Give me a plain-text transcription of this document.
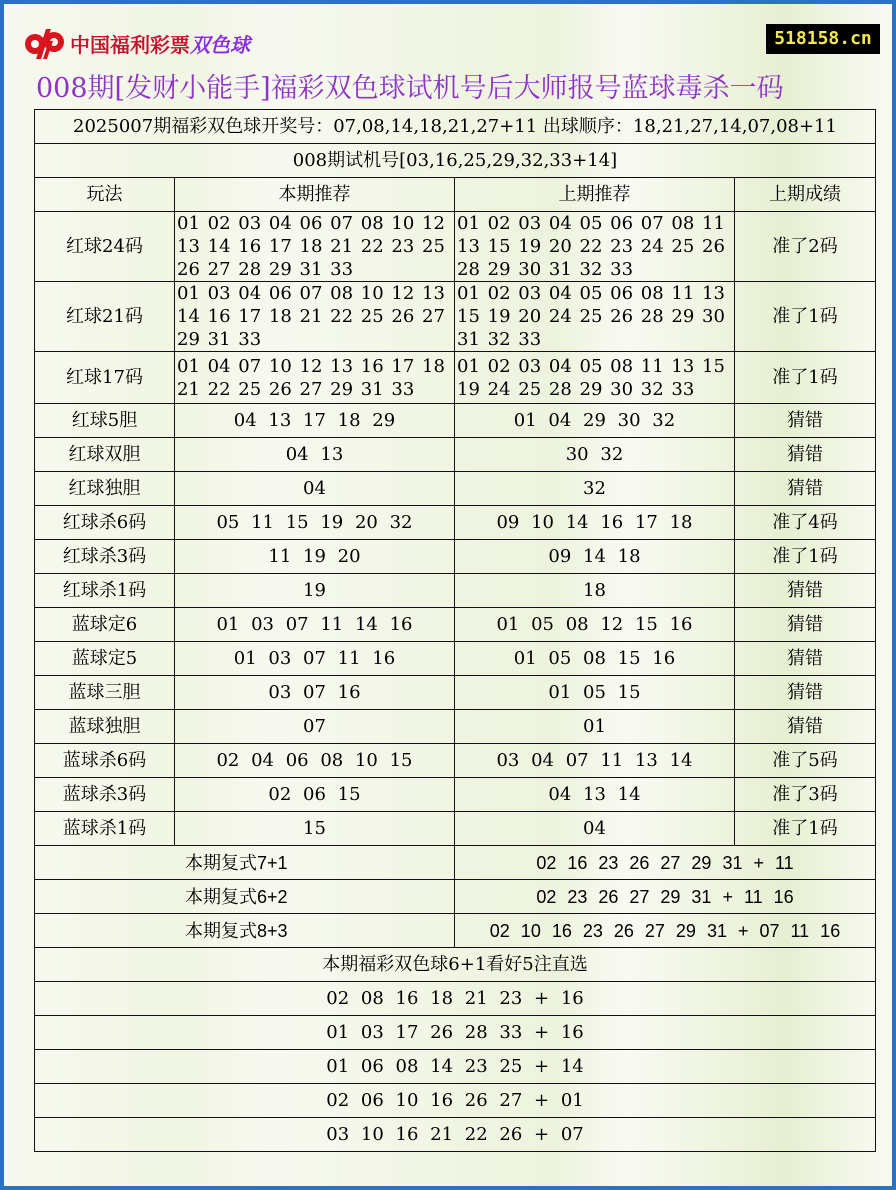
中国福利彩票 双色球	518158.cn
008期[发财小能手]福彩双色球试机号后大师报号蓝球毒杀一码
2025007期福彩双色球开奖号：07,08,14,18,21,27+11 出球顺序：18,21,27,14,07,08+11			
008期试机号[03,16,25,29,32,33+14]			
玩法	本期推荐	上期推荐	上期成绩
红球24码	01 02 03 04 06 07 08 10 12 13 14 16 17 18 21 22 23 25 26 27 28 29 31 33	01 02 03 04 05 06 07 08 11 13 15 19 20 22 23 24 25 26 28 29 30 31 32 33	准了2码
红球21码	01 03 04 06 07 08 10 12 13 14 16 17 18 21 22 25 26 27 29 31 33	01 02 03 04 05 06 08 11 13 15 19 20 24 25 26 28 29 30 31 32 33	准了1码
红球17码	01 04 07 10 12 13 16 17 18 21 22 25 26 27 29 31 33	01 02 03 04 05 08 11 13 15 19 24 25 28 29 30 32 33	准了1码
红球5胆	04 13 17 18 29	01 04 29 30 32	猜错
红球双胆	04 13	30 32	猜错
红球独胆	04	32	猜错
红球杀6码	05 11 15 19 20 32	09 10 14 16 17 18	准了4码
红球杀3码	11 19 20	09 14 18	准了1码
红球杀1码	19	18	猜错
蓝球定6	01 03 07 11 14 16	01 05 08 12 15 16	猜错
蓝球定5	01 03 07 11 16	01 05 08 15 16	猜错
蓝球三胆	03 07 16	01 05 15	猜错
蓝球独胆	07	01	猜错
蓝球杀6码	02 04 06 08 10 15	03 04 07 11 13 14	准了5码
蓝球杀3码	02 06 15	04 13 14	准了3码
蓝球杀1码	15	04	准了1码
本期复式7+1		02 16 23 26 27 29 31 + 11	
本期复式6+2		02 23 26 27 29 31 + 11 16	
本期复式8+3		02 10 16 23 26 27 29 31 + 07 11 16	
本期福彩双色球6+1看好5注直选			
02 08 16 18 21 23 + 16			
01 03 17 26 28 33 + 16			
01 06 08 14 23 25 + 14			
02 06 10 16 26 27 + 01			
03 10 16 21 22 26 + 07			
